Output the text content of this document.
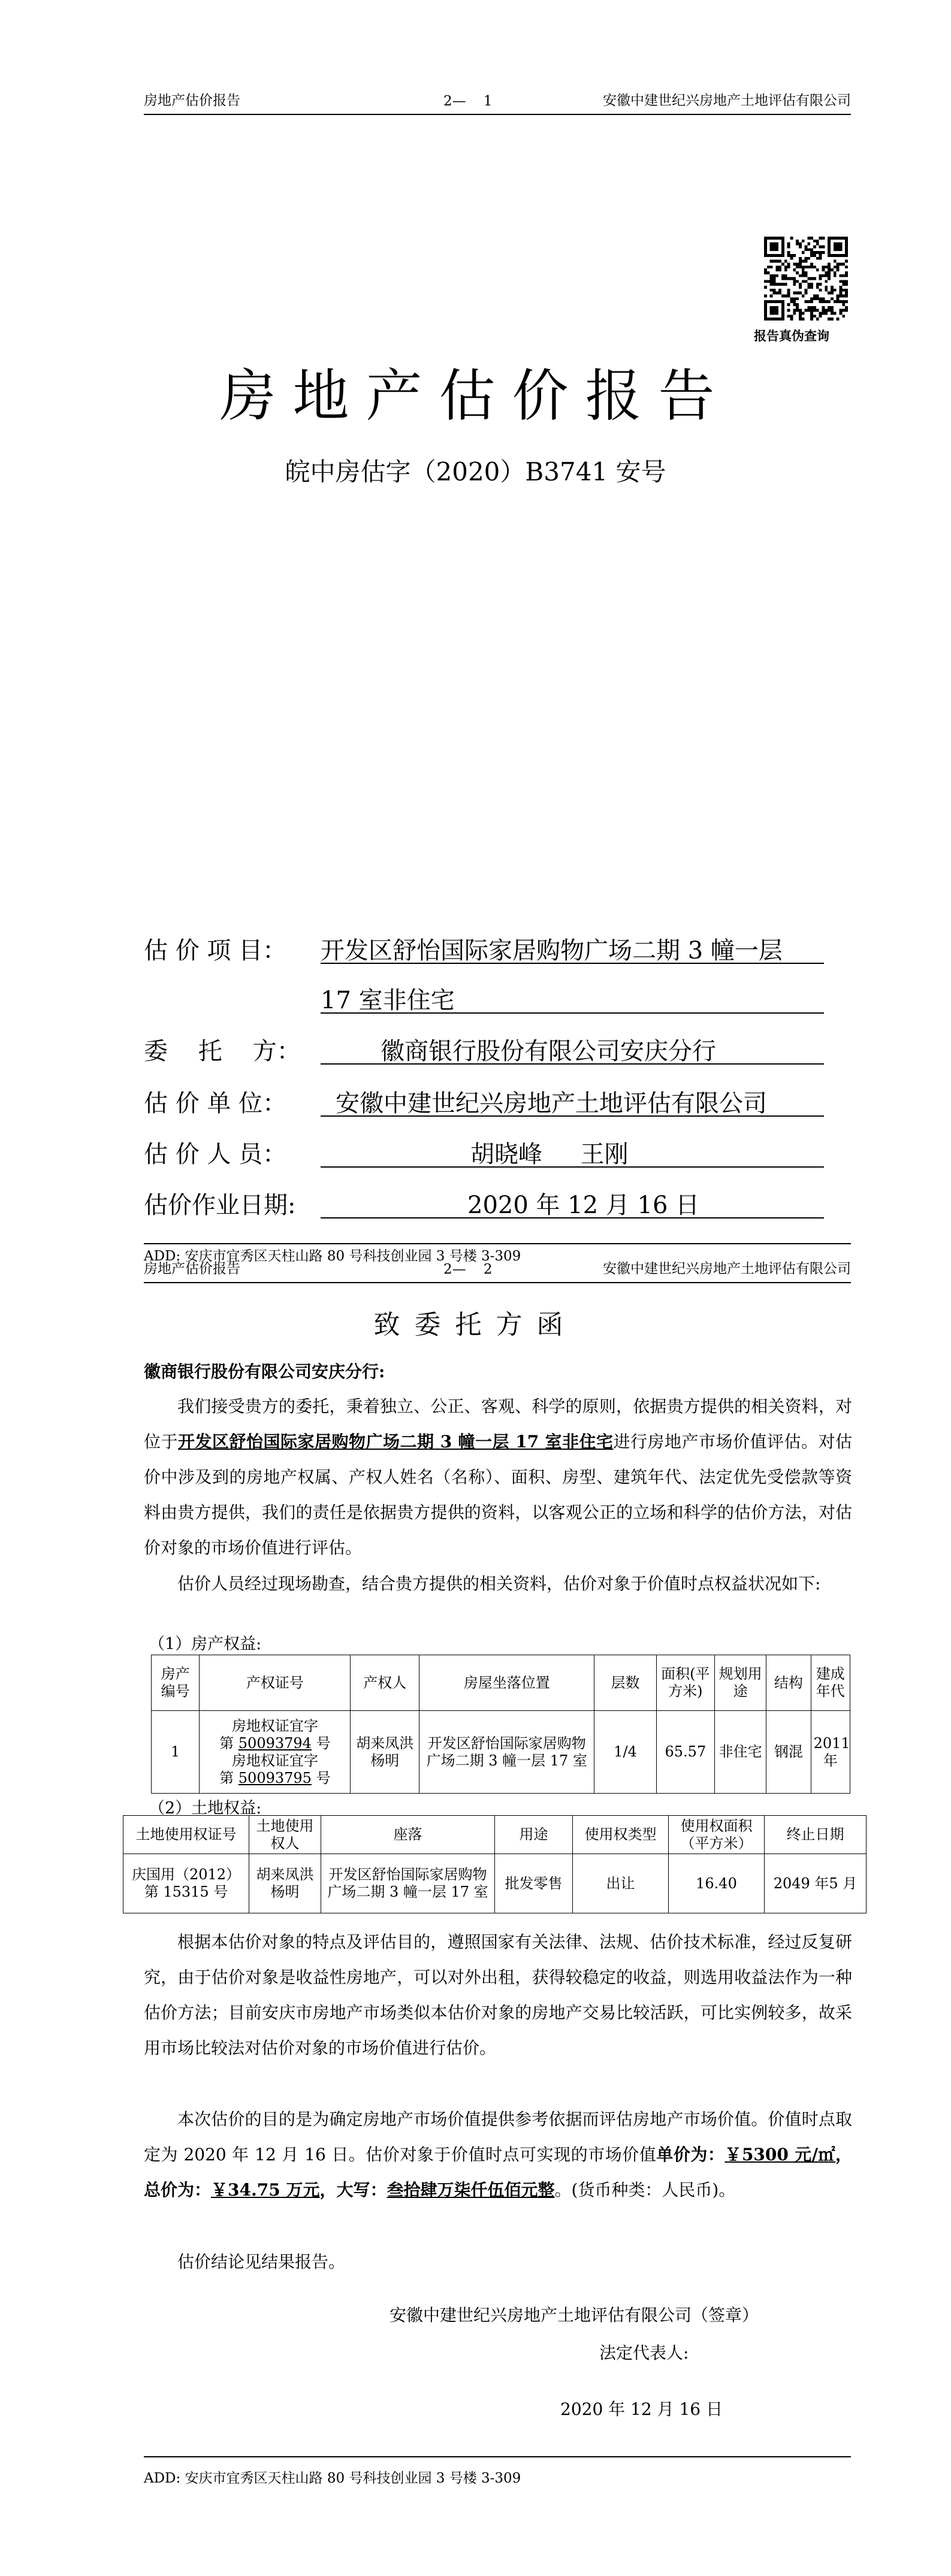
房地产估价报告	2—    1	安徽中建世纪兴房地产土地评估有限公司
报告真伪查询
房地产估价报告
皖中房估字（2020）B3741 安号
估 价 项 目： 开发区舒怡国际家居购物广场二期 3 幢一层
17 室非住宅
委    托    方：	徽商银行股份有限公司安庆分行
估 价 单 位： 安徽中建世纪兴房地产土地评估有限公司
估 价 人 员：	胡晓峰     王刚
估价作业日期:	2020 年 12 月 16 日
ADD: 安庆市宜秀区天柱山路 80 号科技创业园 3 号楼 3-309
房地产估价报告	2—    2	安徽中建世纪兴房地产土地评估有限公司
致委托方函
徽商银行股份有限公司安庆分行:

我们接受贵方的委托，秉着独立、公正、客观、科学的原则，依据贵方提供的相关资料，对位于开发区舒怡国际家居购物广场二期 3 幢一层 17 室非住宅进行房地产市场价值评估。对估价中涉及到的房地产权属、产权人姓名（名称）、面积、房型、建筑年代、法定优先受偿款等资料由贵方提供，我们的责任是依据贵方提供的资料，以客观公正的立场和科学的估价方法，对估价对象的市场价值进行评估。

估价人员经过现场勘查，结合贵方提供的相关资料，估价对象于价值时点权益状况如下:

（1）房产权益:
房产编号	产权证号	产权人	房屋坐落位置	层数	面积(平方米)	规划用途	结构	建成年代
1	房地权证宜字
第 50093794 号
房地权证宜字
第 50093795 号	胡来凤洪杨明	开发区舒怡国际家居购物广场二期 3 幢一层 17 室	1/4	65.57	非住宅	钢混	2011年
（2）土地权益:
土地使用权证号	土地使用权人	座落	用途	使用权类型	使用权面积（平方米）	终止日期
庆国用（2012）第 15315 号	胡来凤洪杨明	开发区舒怡国际家居购物广场二期 3 幢一层 17 室	批发零售	出让	16.40	2049 年5 月

根据本估价对象的特点及评估目的，遵照国家有关法律、法规、估价技术标准，经过反复研究，由于估价对象是收益性房地产，可以对外出租，获得较稳定的收益，则选用收益法作为一种估价方法；目前安庆市房地产市场类似本估价对象的房地产交易比较活跃，可比实例较多，故采用市场比较法对估价对象的市场价值进行估价。

本次估价的目的是为确定房地产市场价值提供参考依据而评估房地产市场价值。价值时点取定为 2020 年 12 月 16 日。估价对象于价值时点可实现的市场价值单价为：￥5300 元/㎡，总价为：￥34.75 万元，大写：叁拾肆万柒仟伍佰元整。(货币种类：人民币)。

估价结论见结果报告。

安徽中建世纪兴房地产土地评估有限公司（签章）
法定代表人:
2020 年 12 月 16 日
ADD: 安庆市宜秀区天柱山路 80 号科技创业园 3 号楼 3-309
